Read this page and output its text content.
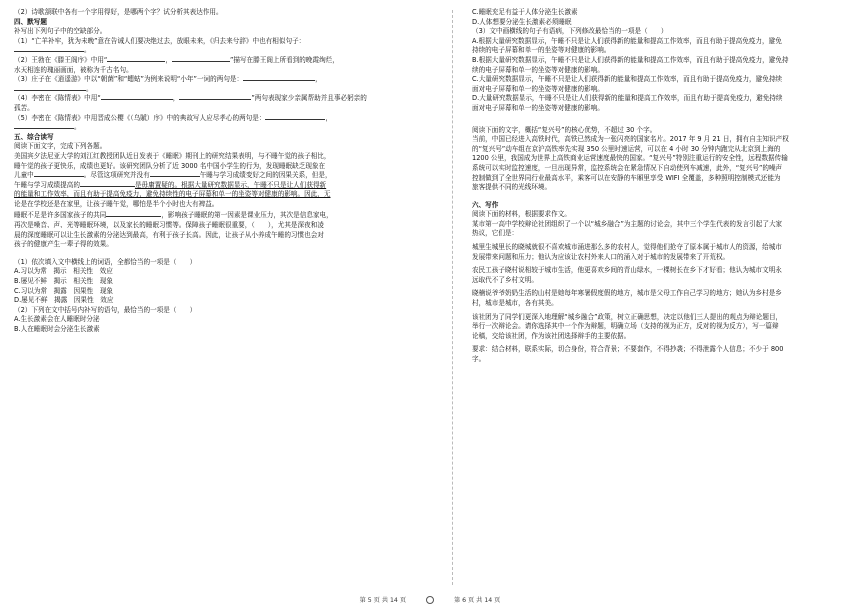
（2）诗歌颔联中各有一个字用得好，是哪两个字？试分析其表达作用。

四、默写题

补写出下列句子中的空缺部分。

（1）“亡羊补牢，犹为未晚”意在告诫人们要决绝过去，放眼未来，《归去来兮辞》中也有相似句子：

。

（2）王勃在《滕王阁序》中用“	，	”描写在滕王阁上所看到的晚霞绚烂，

水天相连的瑰丽画面，被称为千古名句。

（3）庄子在《逍遥游》中以“朝菌”和“蟪蛄”为例来说明“小年”一词的两句是：	，

。

（4）李密在《陈情表》中用“	，	”两句表现家少亲属帮助并且事必躬亲的

孤苦。

（5）李密在《陈情表》中用晋成公樱《（乌賦）序》中的典故写人应尽孝心的两句是：	，

。

五、综合读写

阅读下面文字，完成下列各题。

美国宾夕法尼亚大学的刘江红教授团队近日发表于《睡眠》期刊上的研究结果表明，与不睡午觉的孩子相比，

睡午觉的孩子更快乐，成绩也更好。该研究团队分析了近 3000 名中国小学生的行为，发现睡眠缺乏现象在

儿童中	。尽管这项研究并没有	午睡与学习成绩变好之间的因果关系，但是，

午睡与学习成绩提高的	是毋庸置疑的。根据大量研究数据显示，午睡不只是让人们获得新

的能量和工作效率，而且有助于提高免疫力，避免持续性的电子屏幕和单一的坐姿等对健康的影响。因此，无

论是在学校还是在家里，让孩子睡午觉，哪怕是半个小时也大有裨益。

睡眠不足是许多国家孩子的共同	，影响孩子睡眠的第一因素是课业压力，其次是信息家电，

再次是噪音、声、光等睡眠环境，以及家长的睡眠习惯等。保障孩子睡眠很重要，（　　），尤其是深夜和凌

晨的深度睡眠可以让生长激素的分泌达到最高，有利于孩子长高。因此，让孩子从小养成午睡的习惯也会对

孩子的健康产生一辈子得的效果。

（1）依次填入文中横线上的词语，全都恰当的一项是（　　）

A.习以为常　揭示　相关性　效应

B.屡见不鲜　揭示　相关性　现象

C.习以为常　揭露　因果性　现象

D.屡见不鲜　揭露　因果性　效应

（2）下列在文中括号内补写的语句，最恰当的一项是（　　）

A.生长激素会在人睡眠时分泌

B.人在睡眠时会分泌生长激素

C.睡眠充足有益于人体分泌生长激素

D.人体想要分泌生长激素必须睡眠

（3）文中画横线的句子有语病，下列修改最恰当的一项是（　　）

A.根据大量研究数据显示，午睡不只是让人们获得新的能量和提高工作效率，而且有助于提高免疫力，避免

持续的电子屏幕和单一的坐姿等对健康的影响。

B.根据大量研究数据显示，午睡不只是让人们获得新的能量和提高工作效率，而且有助于提高免疫力，避免持

续的电子屏幕和单一的坐姿等对健康的影响。

C.大量研究数据显示，午睡不只是让人们获得新的能量和提高工作效率，而且有助于提高免疫力，避免持续

面对电子屏幕和单一的坐姿等对健康的影响。

D.大量研究数据显示，午睡不只是让人们获得新的能量和提高工作效率，而且有助于提高免疫力，避免持续

面对电子屏幕和单一的坐姿等对健康的影响。

阅读下面的文字，概括“复兴号”的核心优势，不超过 30 个字。

当前，中国已经进入高铁时代，高铁已然成为一张闪亮的国家名片。2017 年 9 月 21 日，拥有自主知识产权

的“复兴号”动车组在京沪高铁率先实现 350 公里时速运营，可以在 4 小时 30 分钟内跑完从北京到上海的

1200 公里，我国成为世界上高铁商业运营速度最快的国家。“复兴号”特别注重运行的安全性，远程数据传输

系统可以实时监控速度，一旦出现异常，监控系统会在紧急情况下自动使列车减速，此外，“复兴号”的噪声

控制做到了全世界同行业最高水平，乘客可以在安静的车厢里享受 WIFI 全覆盖，多种照明控制模式还能为

旅客提供不同的光线环境。

六、写作

阅读下面的材料，根据要求作文。

某市第一高中学校辩论社团组织了一个以“城乡融合”为主题的讨论会，其中三个学生代表的发言引起了大家

热议，它们是：

城里生城里长的晓城就很不喜欢城市涌进那么多的农村人，觉得他们抢夺了原本属于城市人的资源，给城市

发展带来问题和压力；他认为应该让农村外来人口的涌入对于城市的发展带来了开荒权。

农民工孩子晓村说相较于城市生活，他更喜欢乡间的青山绿水，一棵树长在乡下才好看；他认为城市文明永

远取代不了乡村文明。

晓楠说爷爷奶奶生活的山村是她每年寒暑假度假的地方，城市是父母工作自己学习的地方；她认为乡村是乡

村，城市是城市，各有其美。

该社团为了同学们更深入地理解“城乡融合”政策，树立正确思想，决定以他们三人提出的观点为辩论题目，

举行一次辩论会。请你选择其中一个作为辩题，明确立场（支持的视为正方，反对的视为反方），写一篇辩

论稿，交给该社团，作为该社团选择辩手的主要依据。

要求：结合材料，联系实际，切合身份，符合背景；不要套作，不得抄袭；不得泄露个人信息；不少于 800

字。

第 5 页 共 14 页	第 6 页 共 14 页
